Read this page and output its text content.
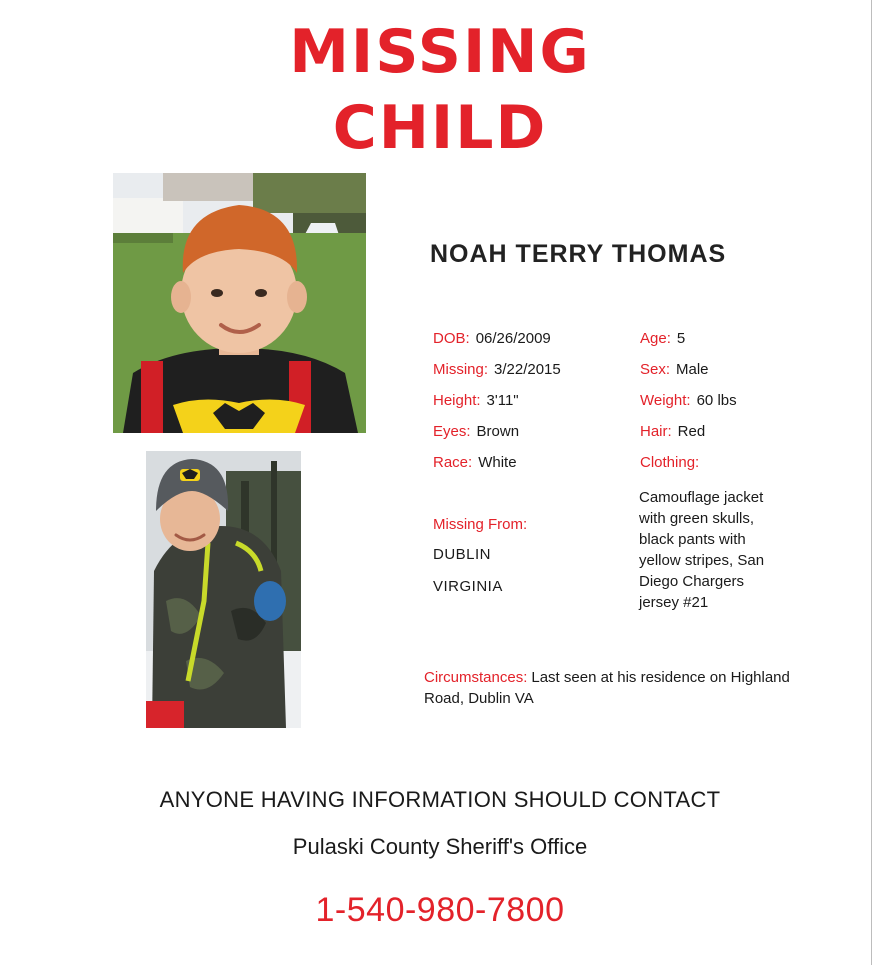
MISSING
CHILD
NOAH TERRY THOMAS
DOB: 06/26/2009
Missing: 3/22/2015
Height: 3'11"
Eyes: Brown
Race: White
Missing From:
DUBLIN
VIRGINIA
Age: 5
Sex: Male
Weight: 60 lbs
Hair: Red
Clothing:
Camouflage jacket with green skulls, black pants with yellow stripes, San Diego Chargers jersey #21
Circumstances: Last seen at his residence on Highland Road, Dublin VA
ANYONE HAVING INFORMATION SHOULD CONTACT
Pulaski County Sheriff's Office
1-540-980-7800
